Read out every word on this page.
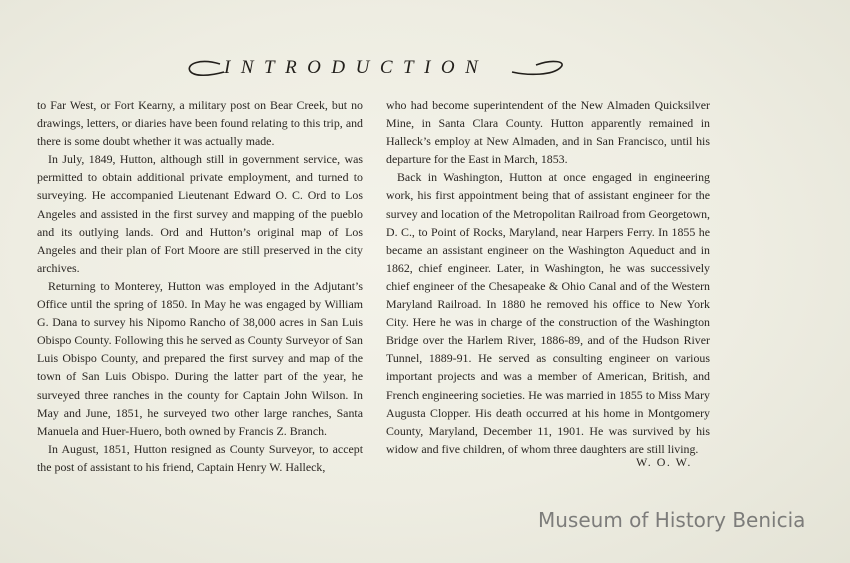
INTRODUCTION

to Far West, or Fort Kearny, a military post on Bear Creek, but no drawings, letters, or diaries have been found relating to this trip, and there is some doubt whether it was actually made.

In July, 1849, Hutton, although still in government service, was permitted to obtain additional private employment, and turned to surveying. He accompanied Lieutenant Edward O. C. Ord to Los Angeles and assisted in the first survey and mapping of the pueblo and its outlying lands. Ord and Hutton’s original map of Los Angeles and their plan of Fort Moore are still preserved in the city archives.

Returning to Monterey, Hutton was employed in the Adjutant’s Office until the spring of 1850. In May he was engaged by William G. Dana to survey his Nipomo Rancho of 38,000 acres in San Luis Obispo County. Following this he served as County Surveyor of San Luis Obispo County, and prepared the first survey and map of the town of San Luis Obispo. During the latter part of the year, he surveyed three ranches in the county for Captain John Wilson. In May and June, 1851, he surveyed two other large ranches, Santa Manuela and Huer-Huero, both owned by Francis Z. Branch.

In August, 1851, Hutton resigned as County Surveyor, to accept the post of assistant to his friend, Captain Henry W. Halleck,

who had become superintendent of the New Almaden Quicksilver Mine, in Santa Clara County. Hutton apparently remained in Halleck’s employ at New Almaden, and in San Francisco, until his departure for the East in March, 1853.

Back in Washington, Hutton at once engaged in engineering work, his first appointment being that of assistant engineer for the survey and location of the Metropolitan Railroad from Georgetown, D. C., to Point of Rocks, Maryland, near Harpers Ferry. In 1855 he became an assistant engineer on the Washington Aqueduct and in 1862, chief engineer. Later, in Washington, he was successively chief engineer of the Chesapeake & Ohio Canal and of the Western Maryland Railroad. In 1880 he removed his office to New York City. Here he was in charge of the construction of the Washington Bridge over the Harlem River, 1886-89, and of the Hudson River Tunnel, 1889-91. He served as consulting engineer on various important projects and was a member of American, British, and French engineering societies. He was married in 1855 to Miss Mary Augusta Clopper. His death occurred at his home in Montgomery County, Maryland, December 11, 1901. He was survived by his widow and five children, of whom three daughters are still living.

W. O. W.
Museum of History Benicia
